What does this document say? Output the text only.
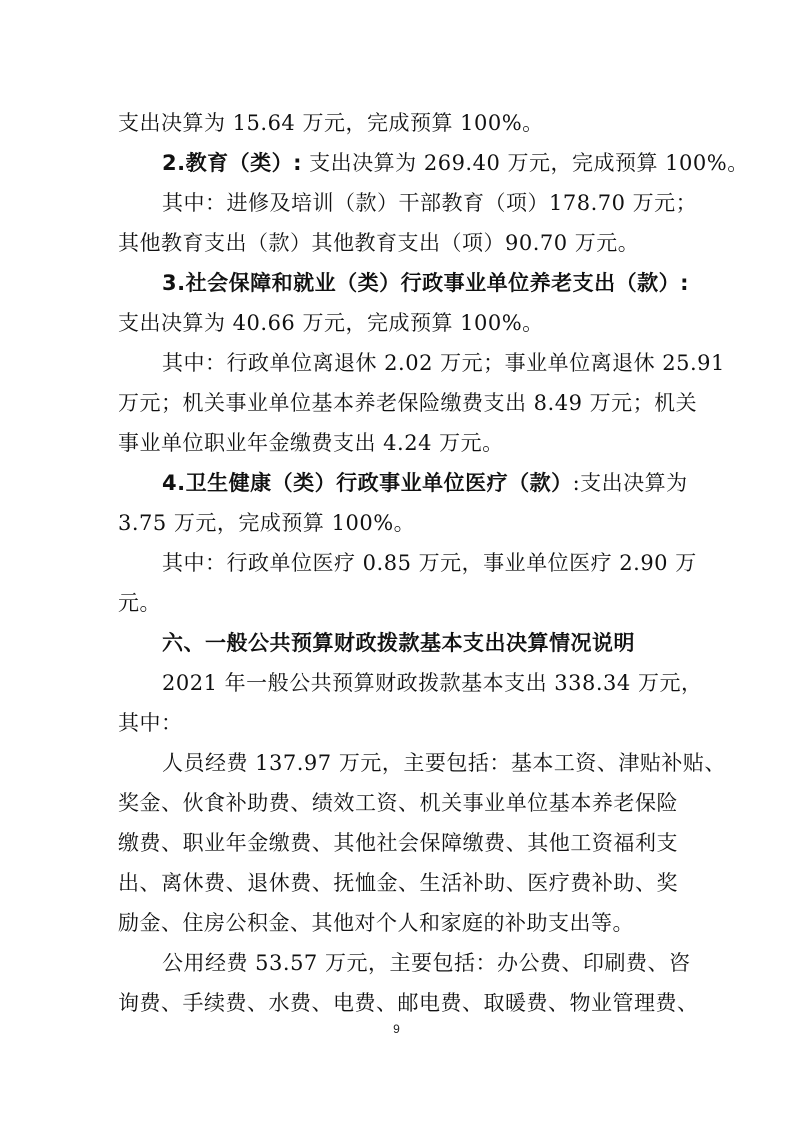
支出决算为 15.64 万元，完成预算 100%。
2.教育（类）: 支出决算为 269.40 万元，完成预算 100%。
其中：进修及培训（款）干部教育（项）178.70 万元；
其他教育支出（款）其他教育支出（项）90.70 万元。
3.社会保障和就业（类）行政事业单位养老支出（款）:
支出决算为 40.66 万元，完成预算 100%。
其中：行政单位离退休 2.02 万元；事业单位离退休 25.91
万元；机关事业单位基本养老保险缴费支出 8.49 万元；机关
事业单位职业年金缴费支出 4.24 万元。
4.卫生健康（类）行政事业单位医疗（款）:支出决算为
3.75 万元，完成预算 100%。
其中：行政单位医疗 0.85 万元，事业单位医疗 2.90 万
元。
六、一般公共预算财政拨款基本支出决算情况说明
2021 年一般公共预算财政拨款基本支出 338.34 万元，
其中：
人员经费 137.97 万元，主要包括：基本工资、津贴补贴、
奖金、伙食补助费、绩效工资、机关事业单位基本养老保险
缴费、职业年金缴费、其他社会保障缴费、其他工资福利支
出、离休费、退休费、抚恤金、生活补助、医疗费补助、奖
励金、住房公积金、其他对个人和家庭的补助支出等。
公用经费 53.57 万元，主要包括：办公费、印刷费、咨
询费、手续费、水费、电费、邮电费、取暖费、物业管理费、
9
